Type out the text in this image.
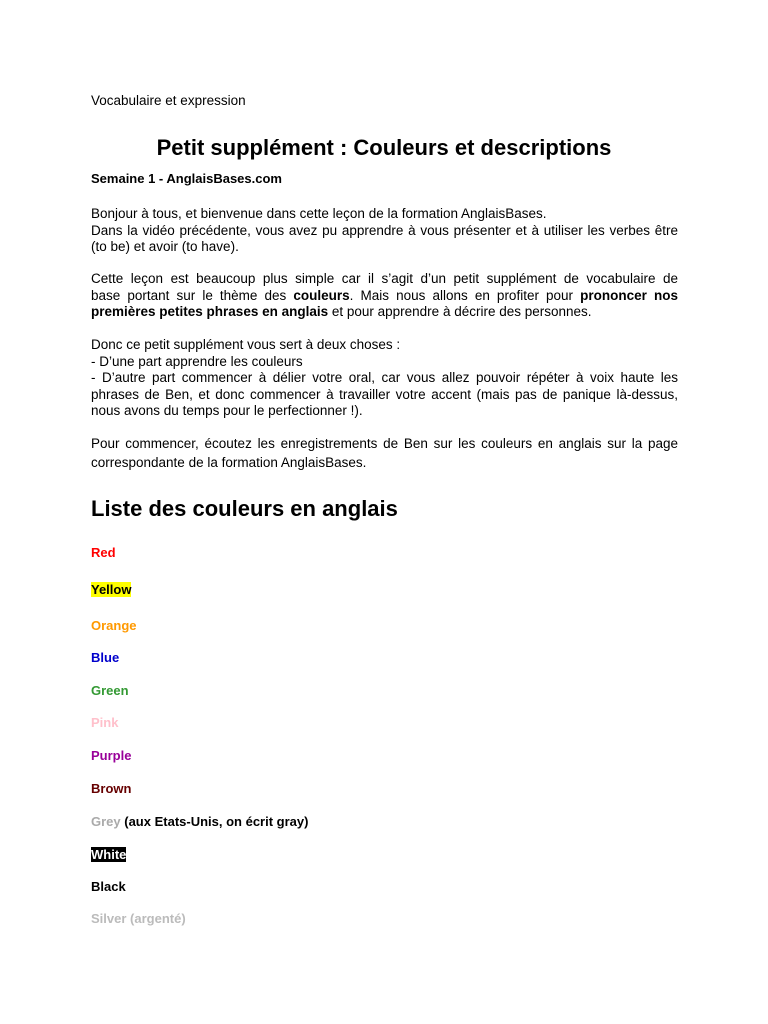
Vocabulaire et expression
Petit supplément : Couleurs et descriptions
Semaine 1 - AnglaisBases.com
Bonjour à tous, et bienvenue dans cette leçon de la formation AnglaisBases.
Dans la vidéo précédente, vous avez pu apprendre à vous présenter et à utiliser les verbes être
(to be) et avoir (to have).
Cette leçon est beaucoup plus simple car il s’agit d’un petit supplément de vocabulaire de
base portant sur le thème des couleurs. Mais nous allons en profiter pour prononcer nos
premières petites phrases en anglais et pour apprendre à décrire des personnes.
Donc ce petit supplément vous sert à deux choses :
- D’une part apprendre les couleurs
- D’autre part commencer à délier votre oral, car vous allez pouvoir répéter à voix haute les
phrases de Ben, et donc commencer à travailler votre accent (mais pas de panique là-dessus,
nous avons du temps pour le perfectionner !).
Pour commencer, écoutez les enregistrements de Ben sur les couleurs en anglais sur la page
correspondante de la formation AnglaisBases.
Liste des couleurs en anglais
Red
Yellow
Orange
Blue
Green
Pink
Purple
Brown
Grey (aux Etats-Unis, on écrit gray)
White
Black
Silver (argenté)
